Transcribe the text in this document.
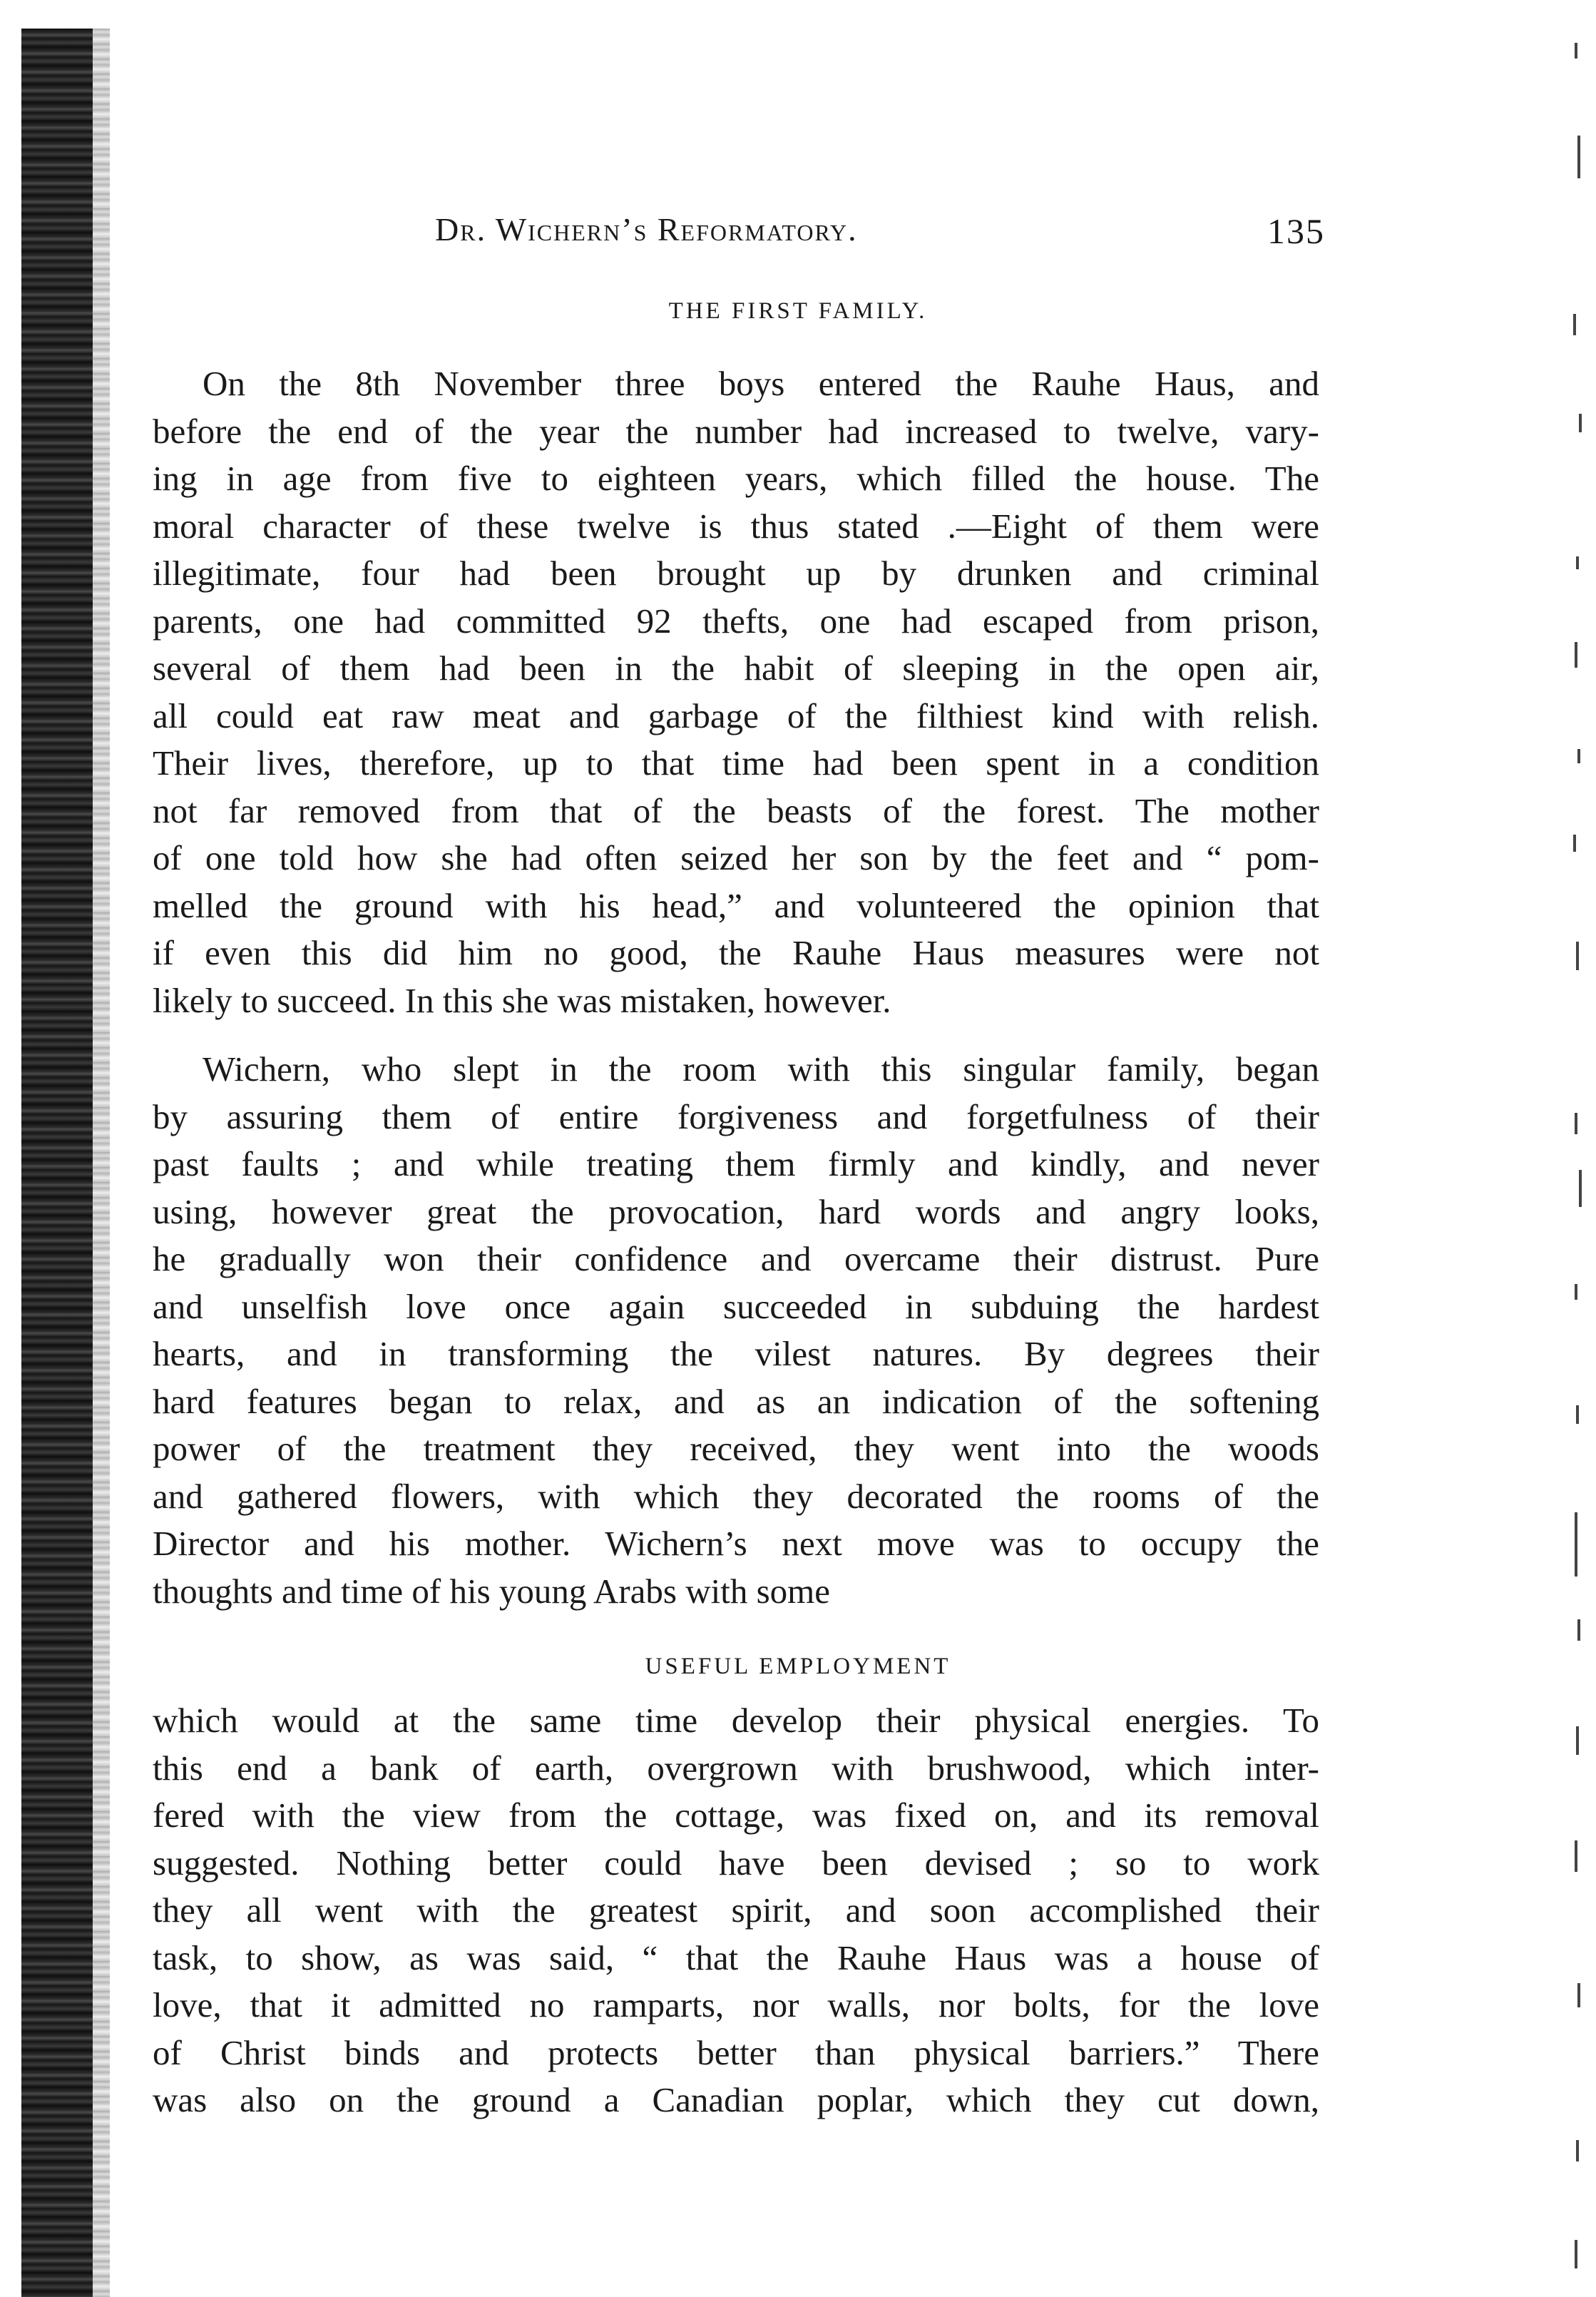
Dr. Wichern’s Reformatory.	135
THE FIRST FAMILY.
On the 8th November three boys entered the Rauhe Haus, and
before the end of the year the number had increased to twelve, vary-
ing in age from five to eighteen years, which filled the house. The
moral character of these twelve is thus stated .—Eight of them were
illegitimate, four had been brought up by drunken and criminal
parents, one had committed 92 thefts, one had escaped from prison,
several of them had been in the habit of sleeping in the open air,
all could eat raw meat and garbage of the filthiest kind with relish.
Their lives, therefore, up to that time had been spent in a condition
not far removed from that of the beasts of the forest. The mother
of one told how she had often seized her son by the feet and “ pom-
melled the ground with his head,” and volunteered the opinion that
if even this did him no good, the Rauhe Haus measures were not
likely to succeed. In this she was mistaken, however.
Wichern, who slept in the room with this singular family, began
by assuring them of entire forgiveness and forgetfulness of their
past faults ; and while treating them firmly and kindly, and never
using, however great the provocation, hard words and angry looks,
he gradually won their confidence and overcame their distrust. Pure
and unselfish love once again succeeded in subduing the hardest
hearts, and in transforming the vilest natures. By degrees their
hard features began to relax, and as an indication of the softening
power of the treatment they received, they went into the woods
and gathered flowers, with which they decorated the rooms of the
Director and his mother. Wichern’s next move was to occupy the
thoughts and time of his young Arabs with some
USEFUL EMPLOYMENT
which would at the same time develop their physical energies. To
this end a bank of earth, overgrown with brushwood, which inter-
fered with the view from the cottage, was fixed on, and its removal
suggested. Nothing better could have been devised ; so to work
they all went with the greatest spirit, and soon accomplished their
task, to show, as was said, “ that the Rauhe Haus was a house of
love, that it admitted no ramparts, nor walls, nor bolts, for the love
of Christ binds and protects better than physical barriers.” There
was also on the ground a Canadian poplar, which they cut down,
